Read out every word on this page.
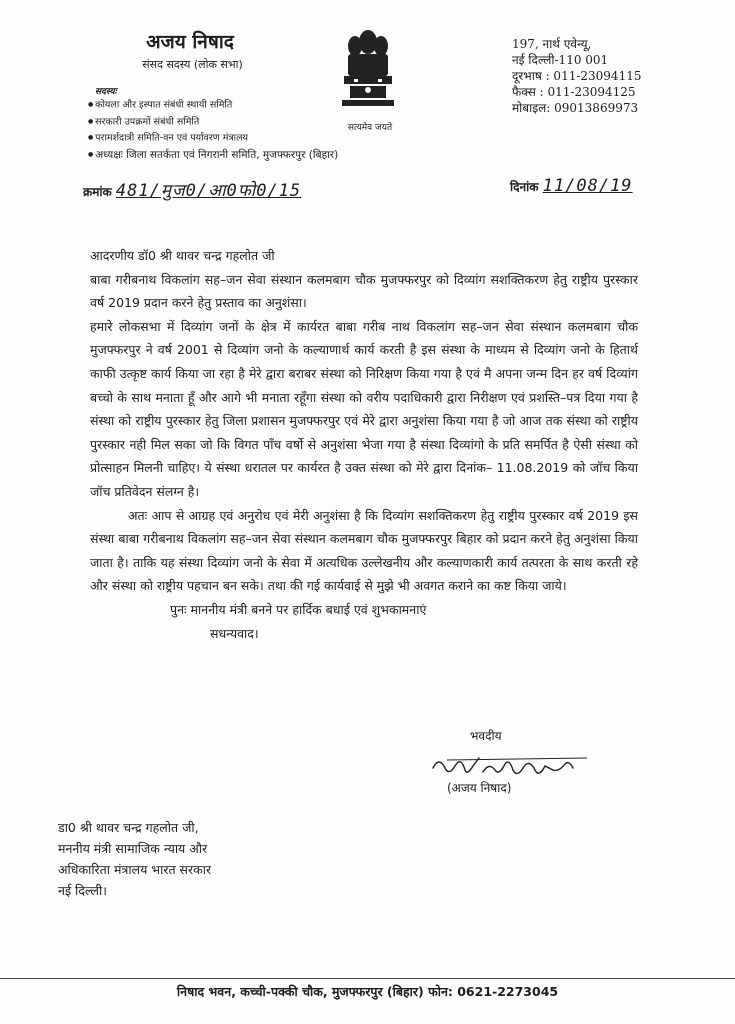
अजय निषाद
संसद सदस्य (लोक सभा)
सदस्यः
● कोयला और इस्पात संबंधी स्थायी समिति
● सरकारी उपक्रमों संबंधी समिति
● परामर्शदात्री समिति-वन एवं पर्यावरण मंत्रालय
● अध्यक्षः जिला सतर्कता एवं निगरानी समिति, मुजफ्फरपुर (बिहार)
सत्यमेव जयते
197, नार्थ एवेन्यू,
नई दिल्ली-110 001
दूरभाष : 011-23094115
फैक्स : 011-23094125
मोबाइल: 09013869973
क्रमांक 481/मुज0/आ0फो0/15	दिनांक 11/08/19

आदरणीय डॉ0 श्री थावर चन्द्र गहलोत जी

बाबा गरीबनाथ विकलांग सह–जन सेवा संस्थान कलमबाग चौक मुजफ्फरपुर को दिव्यांग सशक्तिकरण हेतु राष्ट्रीय पुरस्कार वर्ष 2019 प्रदान करने हेतु प्रस्ताव का अनुशंसा।

हमारे लोकसभा में दिव्यांग जनों के क्षेत्र में कार्यरत बाबा गरीब नाथ विकलांग सह–जन सेवा संस्थान कलमबाग चौक मुजफ्फरपुर ने वर्ष 2001 से दिव्यांग जनो के कल्याणार्थ कार्य करती है इस संस्था के माध्यम से दिव्यांग जनो के हितार्थ काफी उत्कृष्ट कार्य किया जा रहा है मेरे द्वारा बराबर संस्था को निरिक्षण किया गया है एवं मै अपना जन्म दिन हर वर्ष दिव्यांग बच्चो के साथ मनाता हूँ और आगे भी मनाता रहूँगा संस्था को वरीय पदाधिकारी द्वारा निरीक्षण एवं प्रशस्ति–पत्र दिया गया है संस्था को राष्ट्रीय पुरस्कार हेतु जिला प्रशासन मुजफ्फरपुर एवं मेरे द्वारा अनुशंसा किया गया है जो आज तक संस्था को राष्ट्रीय पुरस्कार नही मिल सका जो कि विगत पाँच वर्षो से अनुशंसा भेजा गया है संस्था दिव्यांगो के प्रति समर्पित है ऐसी संस्था को प्रोत्साहन मिलनी चाहिए। ये संस्था धरातल पर कार्यरत है उक्त संस्था को मेरे द्वारा दिनांक– 11.08.2019 को जॉच किया जॉच प्रतिवेदन संलग्न है।

अतः आप से आग्रह एवं अनुरोध एवं मेरी अनुशंसा है कि दिव्यांग सशक्तिकरण हेतु राष्ट्रीय पुरस्कार वर्ष 2019 इस संस्था बाबा गरीबनाथ विकलांग सह–जन सेवा संस्थान कलमबाग चौक मुजफ्फरपुर बिहार को प्रदान करने हेतु अनुशंसा किया जाता है। ताकि यह संस्था दिव्यांग जनो के सेवा में अत्यधिक उल्लेखनीय और कल्याणकारी कार्य तत्परता के साथ करती रहे और संस्था को राष्ट्रीय पहचान बन सके। तथा की गई कार्यवाई से मुझे भी अवगत कराने का कष्ट किया जाये।

पुनः माननीय मंत्री बनने पर हार्दिक बधाई एवं शुभकामनाएं

सधन्यवाद।

भवदीय
(अजय निषाद)
डा0 श्री थावर चन्द्र गहलोत जी,
मननीय मंत्री सामाजिक न्याय और
अधिकारिता मंत्रालय भारत सरकार
नई दिल्ली।
निषाद भवन, कच्ची-पक्की चौक, मुजफ्फरपुर (बिहार) फोन: 0621-2273045
